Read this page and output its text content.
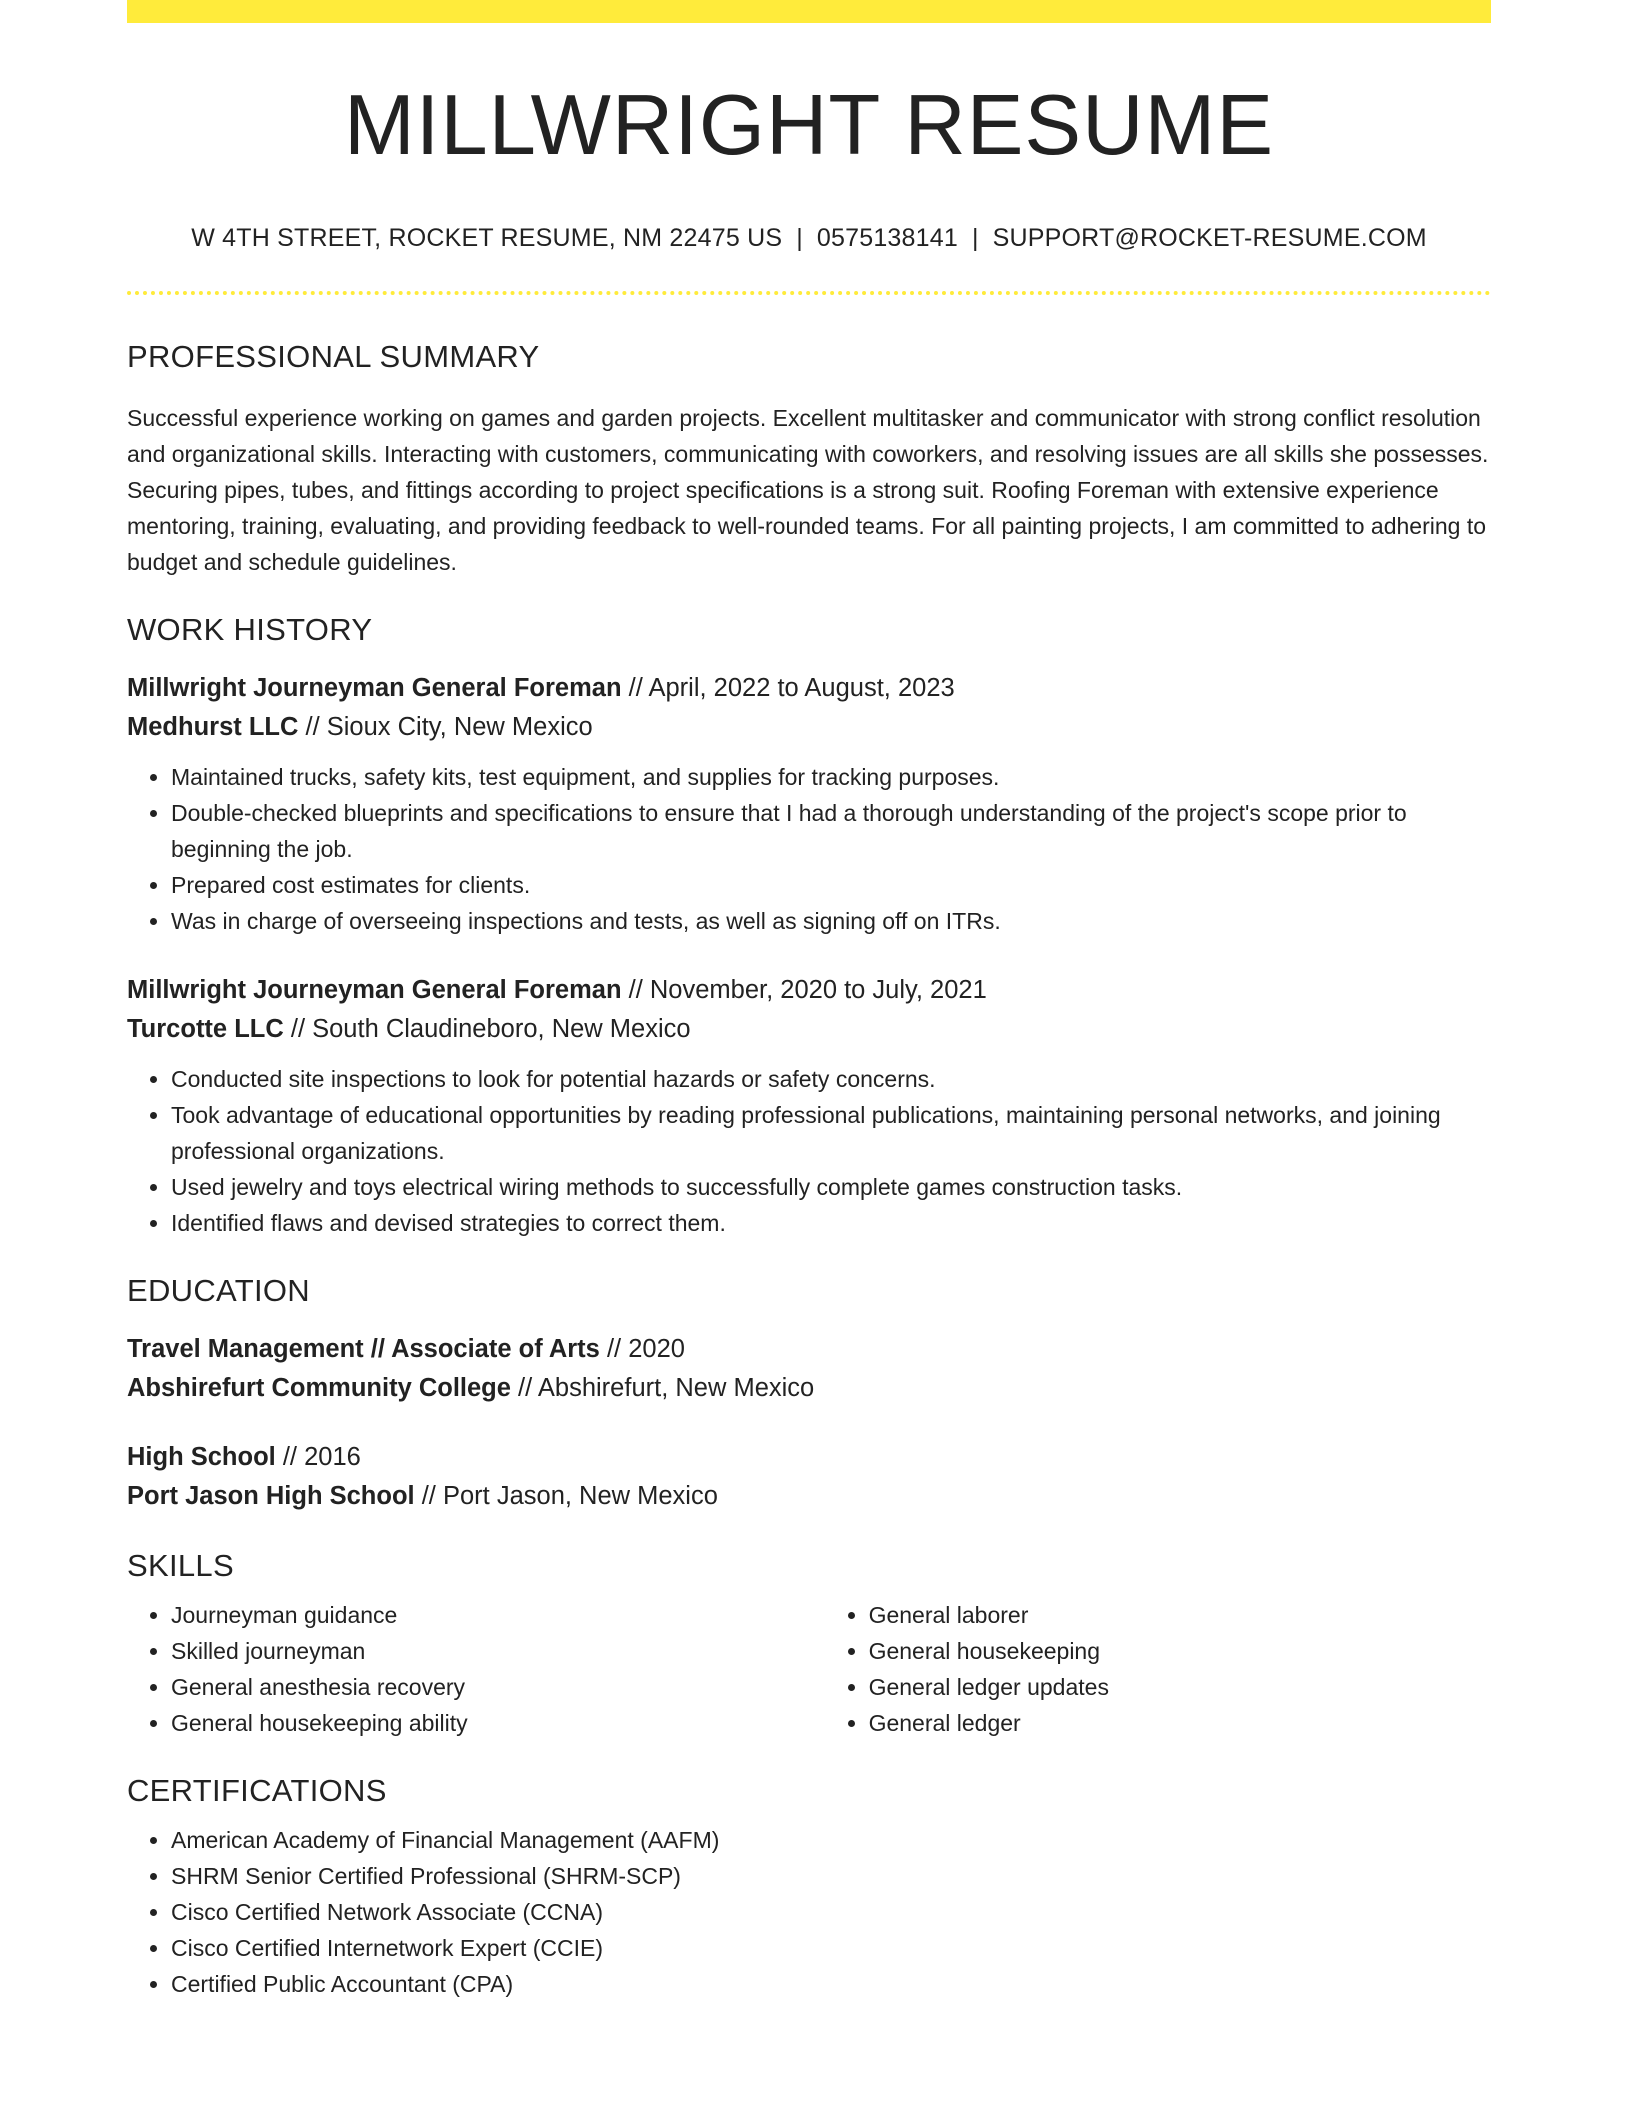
MILLWRIGHT RESUME
W 4TH STREET, ROCKET RESUME, NM 22475 US | 0575138141 | SUPPORT@ROCKET-RESUME.COM
PROFESSIONAL SUMMARY

Successful experience working on games and garden projects. Excellent multitasker and communicator with strong conflict resolution and organizational skills. Interacting with customers, communicating with coworkers, and resolving issues are all skills she possesses. Securing pipes, tubes, and fittings according to project specifications is a strong suit. Roofing Foreman with extensive experience mentoring, training, evaluating, and providing feedback to well-rounded teams. For all painting projects, I am committed to adhering to budget and schedule guidelines.

WORK HISTORY
Millwright Journeyman General Foreman // April, 2022 to August, 2023
Medhurst LLC // Sioux City, New Mexico
• Maintained trucks, safety kits, test equipment, and supplies for tracking purposes.
• Double-checked blueprints and specifications to ensure that I had a thorough understanding of the project's scope prior to beginning the job.
• Prepared cost estimates for clients.
• Was in charge of overseeing inspections and tests, as well as signing off on ITRs.
Millwright Journeyman General Foreman // November, 2020 to July, 2021
Turcotte LLC // South Claudineboro, New Mexico
• Conducted site inspections to look for potential hazards or safety concerns.
• Took advantage of educational opportunities by reading professional publications, maintaining personal networks, and joining professional organizations.
• Used jewelry and toys electrical wiring methods to successfully complete games construction tasks.
• Identified flaws and devised strategies to correct them.
EDUCATION
Travel Management // Associate of Arts // 2020
Abshirefurt Community College // Abshirefurt, New Mexico
High School // 2016
Port Jason High School // Port Jason, New Mexico
SKILLS
• Journeyman guidance
• Skilled journeyman
• General anesthesia recovery
• General housekeeping ability
• General laborer
• General housekeeping
• General ledger updates
• General ledger
CERTIFICATIONS
• American Academy of Financial Management (AAFM)
• SHRM Senior Certified Professional (SHRM-SCP)
• Cisco Certified Network Associate (CCNA)
• Cisco Certified Internetwork Expert (CCIE)
• Certified Public Accountant (CPA)
